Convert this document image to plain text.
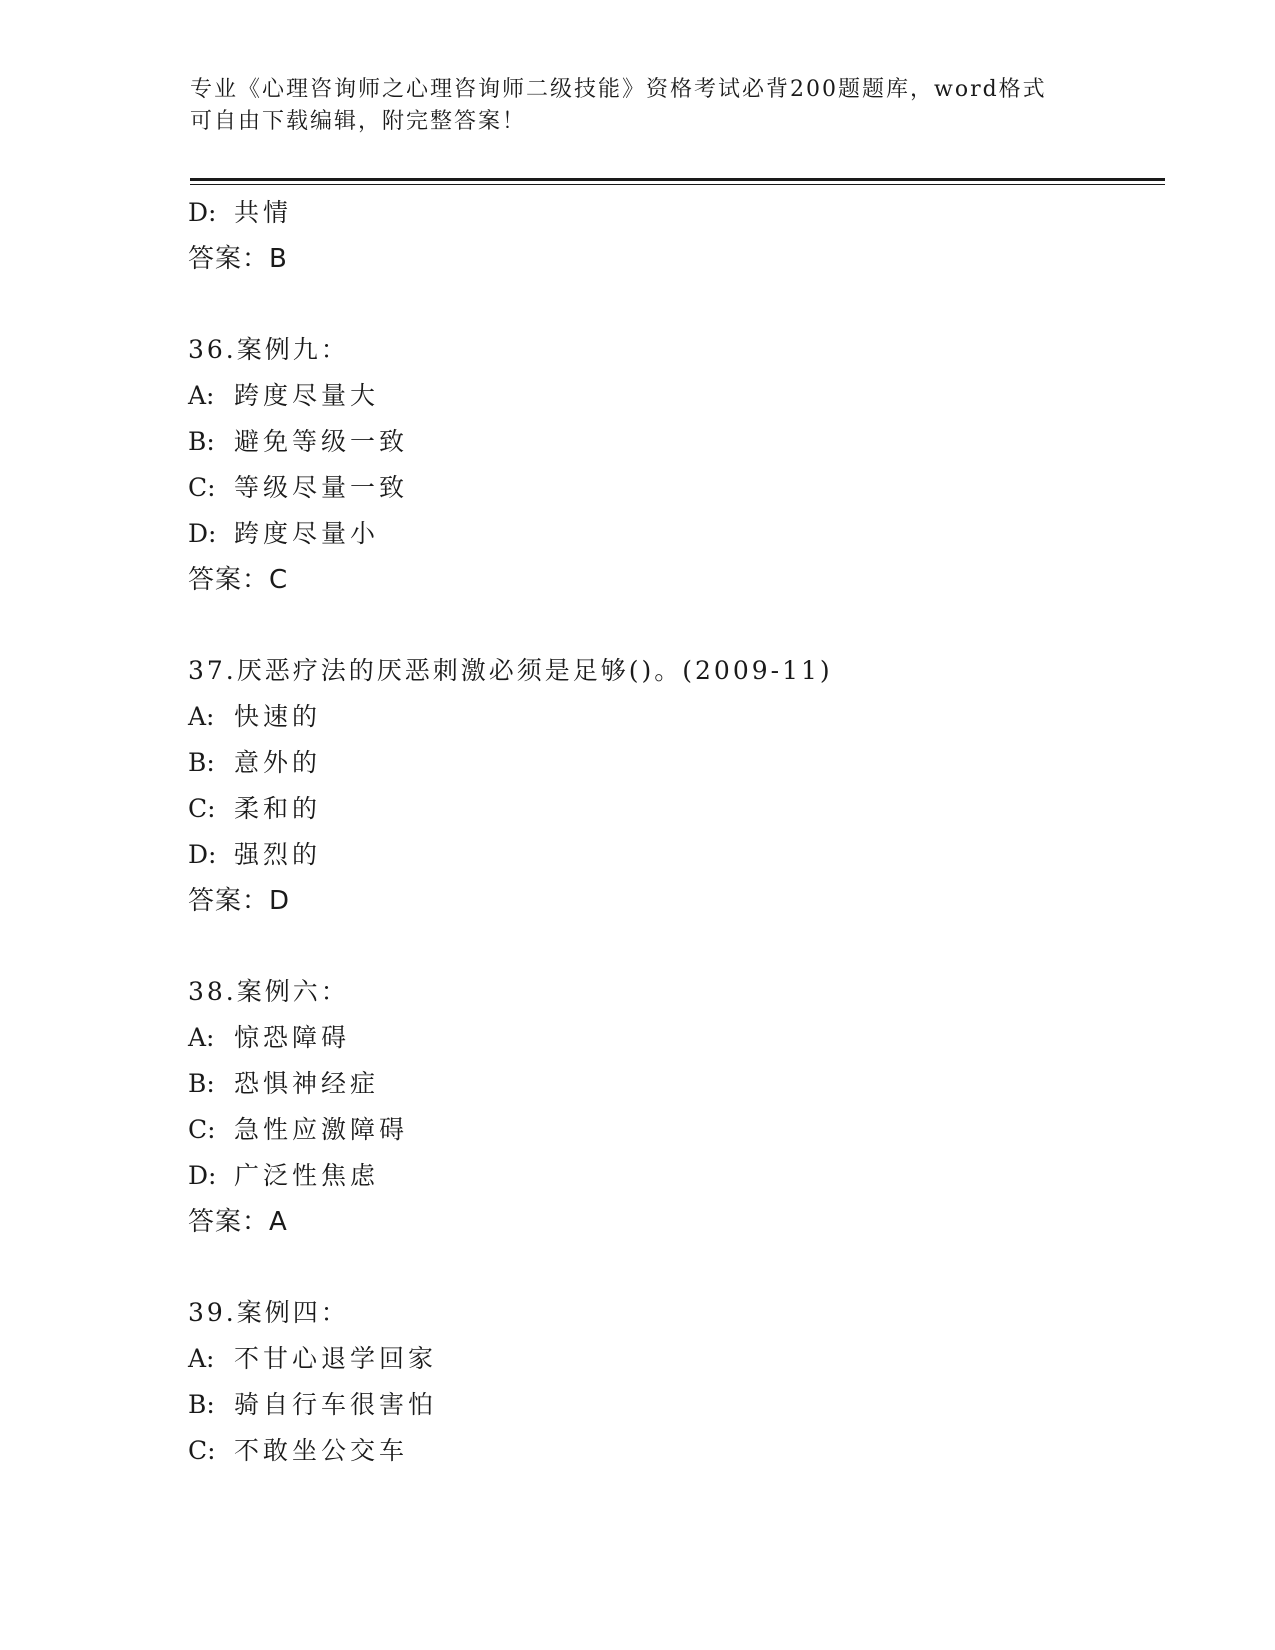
专业《心理咨询师之心理咨询师二级技能》资格考试必背200题题库，word格式
可自由下载编辑，附完整答案！
D: 共情
答案：B
36.案例九：
A: 跨度尽量大
B: 避免等级一致
C: 等级尽量一致
D: 跨度尽量小
答案：C
37.厌恶疗法的厌恶刺激必须是足够()。(2009-11)
A: 快速的
B: 意外的
C: 柔和的
D: 强烈的
答案：D
38.案例六：
A: 惊恐障碍
B: 恐惧神经症
C: 急性应激障碍
D: 广泛性焦虑
答案：A
39.案例四：
A: 不甘心退学回家
B: 骑自行车很害怕
C: 不敢坐公交车
